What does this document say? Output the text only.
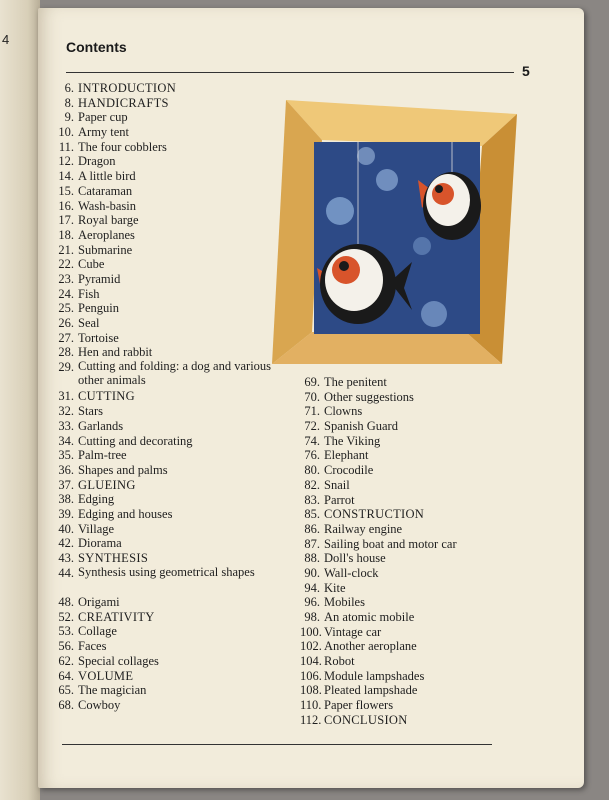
4	Contents
5
6. INTRODUCTION
8. HANDICRAFTS
9. Paper cup
10. Army tent
11. The four cobblers
12. Dragon
14. A little bird
15. Cataraman
16. Wash-basin
17. Royal barge
18. Aeroplanes
21. Submarine
22. Cube
23. Pyramid
24. Fish
25. Penguin
26. Seal
27. Tortoise
28. Hen and rabbit
29. Cutting and folding: a dog and various other animals
31. CUTTING
32. Stars
33. Garlands
34. Cutting and decorating
35. Palm-tree
36. Shapes and palms
37. GLUEING
38. Edging
39. Edging and houses
40. Village
42. Diorama
43. SYNTHESIS
44. Synthesis using geometrical shapes
48. Origami
52. CREATIVITY
53. Collage
56. Faces
62. Special collages
64. VOLUME
65. The magician
68. Cowboy
69. The penitent
70. Other suggestions
71. Clowns
72. Spanish Guard
74. The Viking
76. Elephant
80. Crocodile
82. Snail
83. Parrot
85. CONSTRUCTION
86. Railway engine
87. Sailing boat and motor car
88. Doll's house
90. Wall-clock
94. Kite
96. Mobiles
98. An atomic mobile
100. Vintage car
102. Another aeroplane
104. Robot
106. Module lampshades
108. Pleated lampshade
110. Paper flowers
112. CONCLUSION
